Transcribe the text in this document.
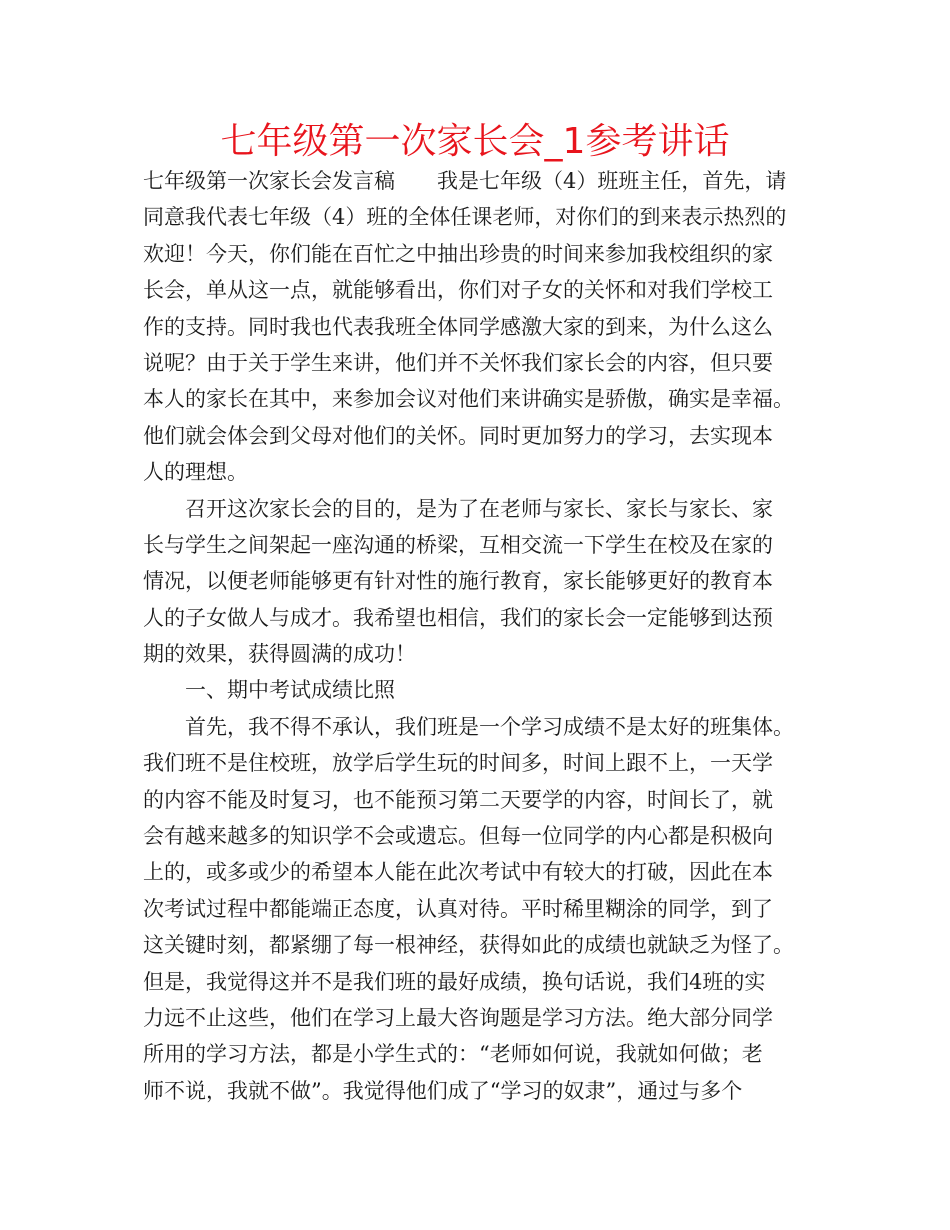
七年级第一次家长会_1参考讲话
七年级第一次家长会发言稿　　我是七年级（4）班班主任，首先，请
同意我代表七年级（4）班的全体任课老师，对你们的到来表示热烈的
欢迎！今天，你们能在百忙之中抽出珍贵的时间来参加我校组织的家
长会，单从这一点，就能够看出，你们对子女的关怀和对我们学校工
作的支持。同时我也代表我班全体同学感激大家的到来，为什么这么
说呢？由于关于学生来讲，他们并不关怀我们家长会的内容，但只要
本人的家长在其中，来参加会议对他们来讲确实是骄傲，确实是幸福。
他们就会体会到父母对他们的关怀。同时更加努力的学习，去实现本
人的理想。
召开这次家长会的目的，是为了在老师与家长、家长与家长、家
长与学生之间架起一座沟通的桥梁，互相交流一下学生在校及在家的
情况，以便老师能够更有针对性的施行教育，家长能够更好的教育本
人的子女做人与成才。我希望也相信，我们的家长会一定能够到达预
期的效果，获得圆满的成功！
一、期中考试成绩比照
首先，我不得不承认，我们班是一个学习成绩不是太好的班集体。
我们班不是住校班，放学后学生玩的时间多，时间上跟不上，一天学
的内容不能及时复习，也不能预习第二天要学的内容，时间长了，就
会有越来越多的知识学不会或遗忘。但每一位同学的内心都是积极向
上的，或多或少的希望本人能在此次考试中有较大的打破，因此在本
次考试过程中都能端正态度，认真对待。平时稀里糊涂的同学，到了
这关键时刻，都紧绷了每一根神经，获得如此的成绩也就缺乏为怪了。
但是，我觉得这并不是我们班的最好成绩，换句话说，我们4班的实
力远不止这些，他们在学习上最大咨询题是学习方法。绝大部分同学
所用的学习方法，都是小学生式的：“老师如何说，我就如何做；老
师不说，我就不做”。我觉得他们成了“学习的奴隶”，通过与多个
